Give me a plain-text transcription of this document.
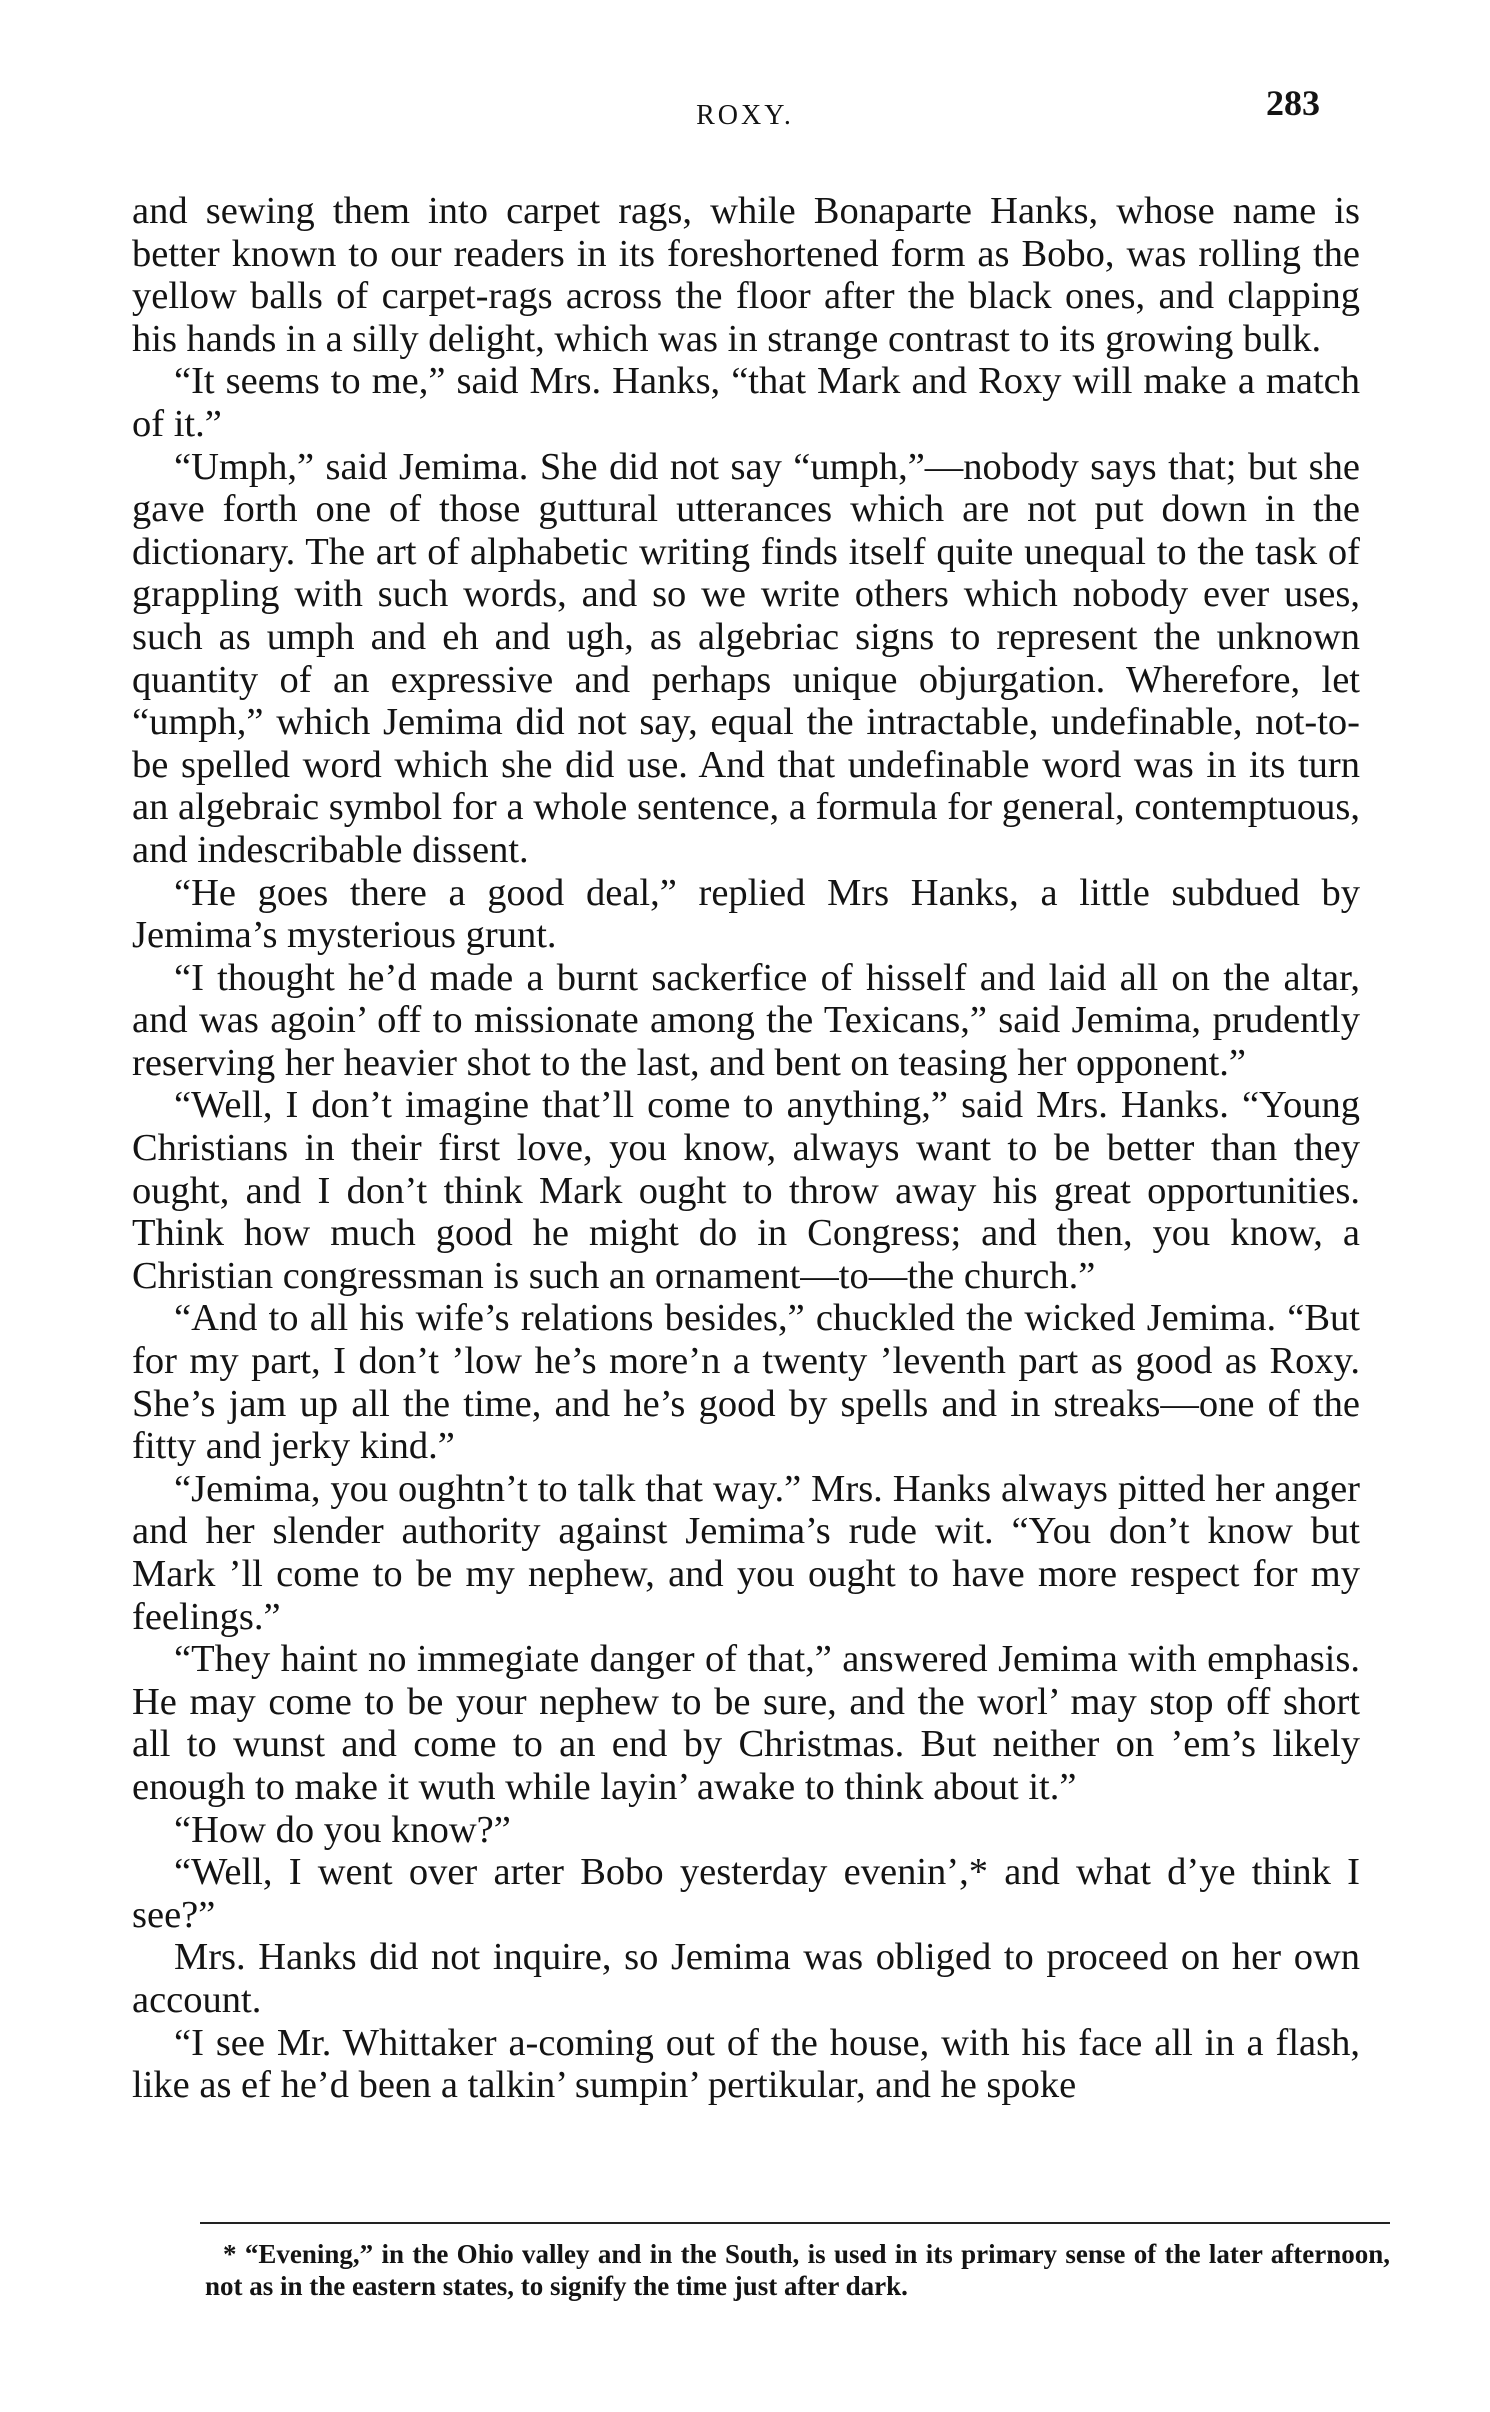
ROXY.	283

and sewing them into carpet rags, while Bonaparte Hanks, whose name is better known to our readers in its foreshortened form as Bobo, was rolling the yellow balls of carpet-rags across the floor after the black ones, and clapping his hands in a silly delight, which was in strange contrast to its growing bulk.

“It seems to me,” said Mrs. Hanks, “that Mark and Roxy will make a match of it.”

“Umph,” said Jemima. She did not say “umph,”—nobody says that; but she gave forth one of those guttural utterances which are not put down in the dictionary. The art of alphabetic writing finds itself quite unequal to the task of grappling with such words, and so we write others which nobody ever uses, such as umph and eh and ugh, as algebriac signs to represent the unknown quantity of an expressive and perhaps unique objurgation. Wherefore, let “umph,” which Jemima did not say, equal the intractable, undefinable, not-to-be spelled word which she did use. And that undefinable word was in its turn an algebraic symbol for a whole sentence, a formula for general, contemptuous, and indescribable dissent.

“He goes there a good deal,” replied Mrs Hanks, a little subdued by Jemima’s mysterious grunt.

“I thought he’d made a burnt sackerfice of hisself and laid all on the altar, and was agoin’ off to missionate among the Texicans,” said Jemima, prudently reserving her heavier shot to the last, and bent on teasing her opponent.”

“Well, I don’t imagine that’ll come to anything,” said Mrs. Hanks. “Young Christians in their first love, you know, always want to be better than they ought, and I don’t think Mark ought to throw away his great opportunities. Think how much good he might do in Congress; and then, you know, a Christian congressman is such an ornament—to—the church.”

“And to all his wife’s relations besides,” chuckled the wicked Jemima. “But for my part, I don’t ’low he’s more’n a twenty ’leventh part as good as Roxy. She’s jam up all the time, and he’s good by spells and in streaks—one of the fitty and jerky kind.”

“Jemima, you oughtn’t to talk that way.” Mrs. Hanks always pitted her anger and her slender authority against Jemima’s rude wit. “You don’t know but Mark ’ll come to be my nephew, and you ought to have more respect for my feelings.”

“They haint no immegiate danger of that,” answered Jemima with emphasis. He may come to be your nephew to be sure, and the worl’ may stop off short all to wunst and come to an end by Christmas. But neither on ’em’s likely enough to make it wuth while layin’ awake to think about it.”

“How do you know?”

“Well, I went over arter Bobo yesterday evenin’,* and what d’ye think I see?”

Mrs. Hanks did not inquire, so Jemima was obliged to proceed on her own account.

“I see Mr. Whittaker a-coming out of the house, with his face all in a flash, like as ef he’d been a talkin’ sumpin’ pertikular, and he spoke

* “Evening,” in the Ohio valley and in the South, is used in its primary sense of the later afternoon, not as in the eastern states, to signify the time just after dark.
